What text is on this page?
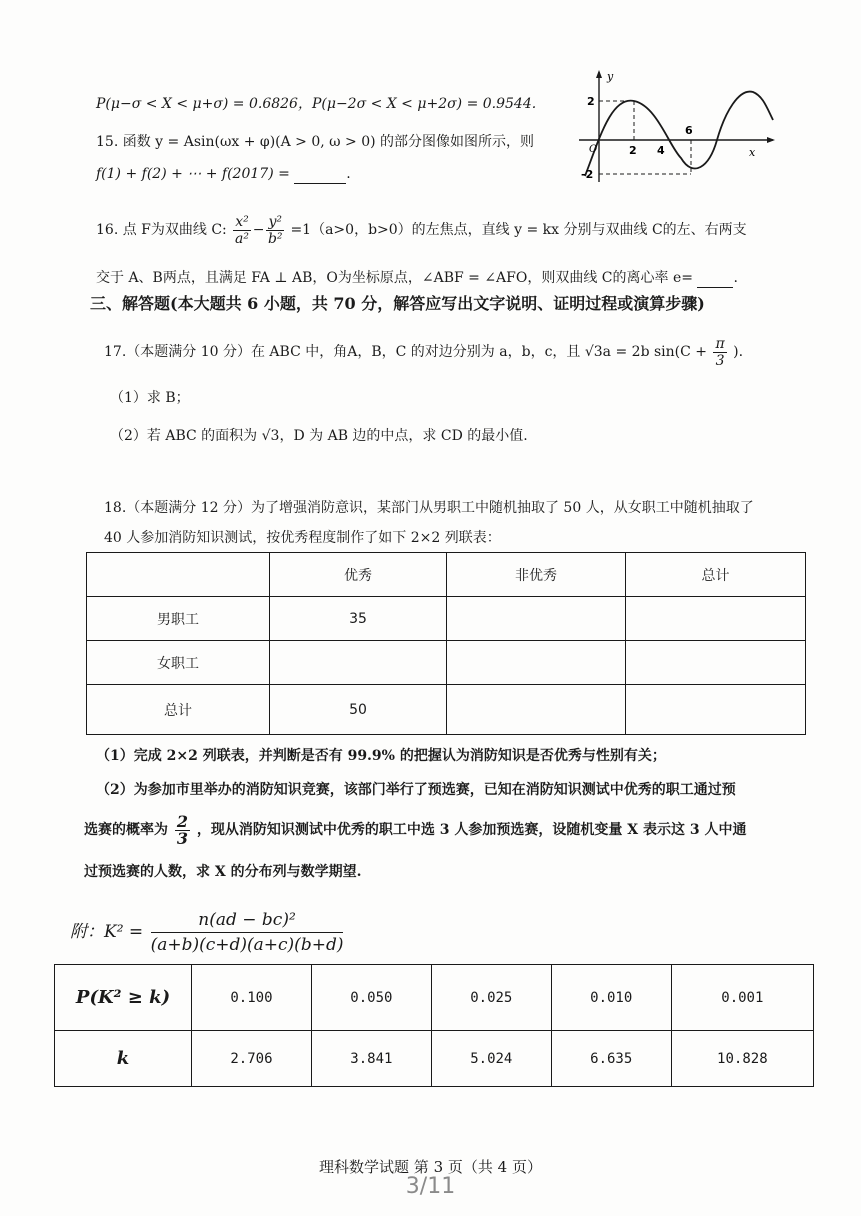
P(μ−σ < X < μ+σ) = 0.6826，P(μ−2σ < X < μ+2σ) = 0.9544.
15. 函数 y = Asin(ωx + φ)(A > 0, ω > 0) 的部分图像如图所示，则
f(1) + f(2) + ⋯ + f(2017) =	.
y
x
2
-2
2 4
6
O
16. 点 F为双曲线 C: $\frac{\text{x²}}{\text{a²}} - \frac{\text{y²}}{\text{b²}} =1(a>0$，b>0）的左焦点，直线 y = kx 分别与双曲线 C的左、右两支
交于 A、B两点，且满足 FA ⊥ AB，O为坐标原点，∠ABF = ∠AFO，则双曲线 C的离心率 e=	.
三、解答题(本大题共 6 小题，共 70 分，解答应写出文字说明、证明过程或演算步骤)
17.（本题满分 10 分）在 ABC 中，角A，B，C 的对边分别为 a，b，c，且 √3a = 2b $\sin(C + \frac{\pi}{3}$ ).
（1）求 B；
（2）若 ABC 的面积为 √3，D 为 AB 边的中点，求 CD 的最小值.
18.（本题满分 12 分）为了增强消防意识，某部门从男职工中随机抽取了 50 人，从女职工中随机抽取了
40 人参加消防知识测试，按优秀程度制作了如下 2×2 列联表：
	优秀	非优秀	总计
男职工	35		
女职工			
总计	50		
（1）完成 2×2 列联表，并判断是否有 99.9% 的把握认为消防知识是否优秀与性别有关；
（2）为参加市里举办的消防知识竞赛，该部门举行了预选赛，已知在消防知识测试中优秀的职工通过预
选赛的概率为 $\frac{2}{3}$ ，现从消防知识测试中优秀的职工中选 3 人参加预选赛，设随机变量 X 表示这 3 人中通
过预选赛的人数，求 X 的分布列与数学期望.
附：$K^2 = \frac{\text{n(ad − bc)²}}{(a+b)(c+d)(a+c)(b+d)}$
P(K² ≥ k)	0.100	0.050	0.025	0.010	0.001
k	2.706	3.841	5.024	6.635	10.828
理科数学试题 第 3 页（共 4 页）
3/11
